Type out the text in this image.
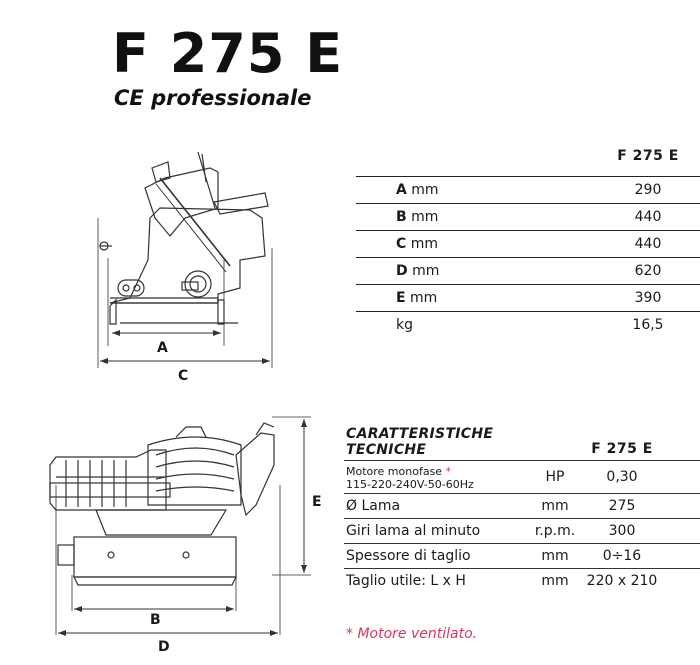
F 275 E
CE professionale
A
C
F 275 E
A mm	290
B mm	440
C mm	440
D mm	620
E mm	390
kg	16,5
B
D
E
CARATTERISTICHE
TECNICHE	F 275 E
Motore monofase *
115-220-240V-50-60Hz	HP	0,30
Ø Lama	mm	275
Giri lama al minuto	r.p.m.	300
Spessore di taglio	mm	0÷16
Taglio utile: L x H	mm	220 x 210
* Motore ventilato.
